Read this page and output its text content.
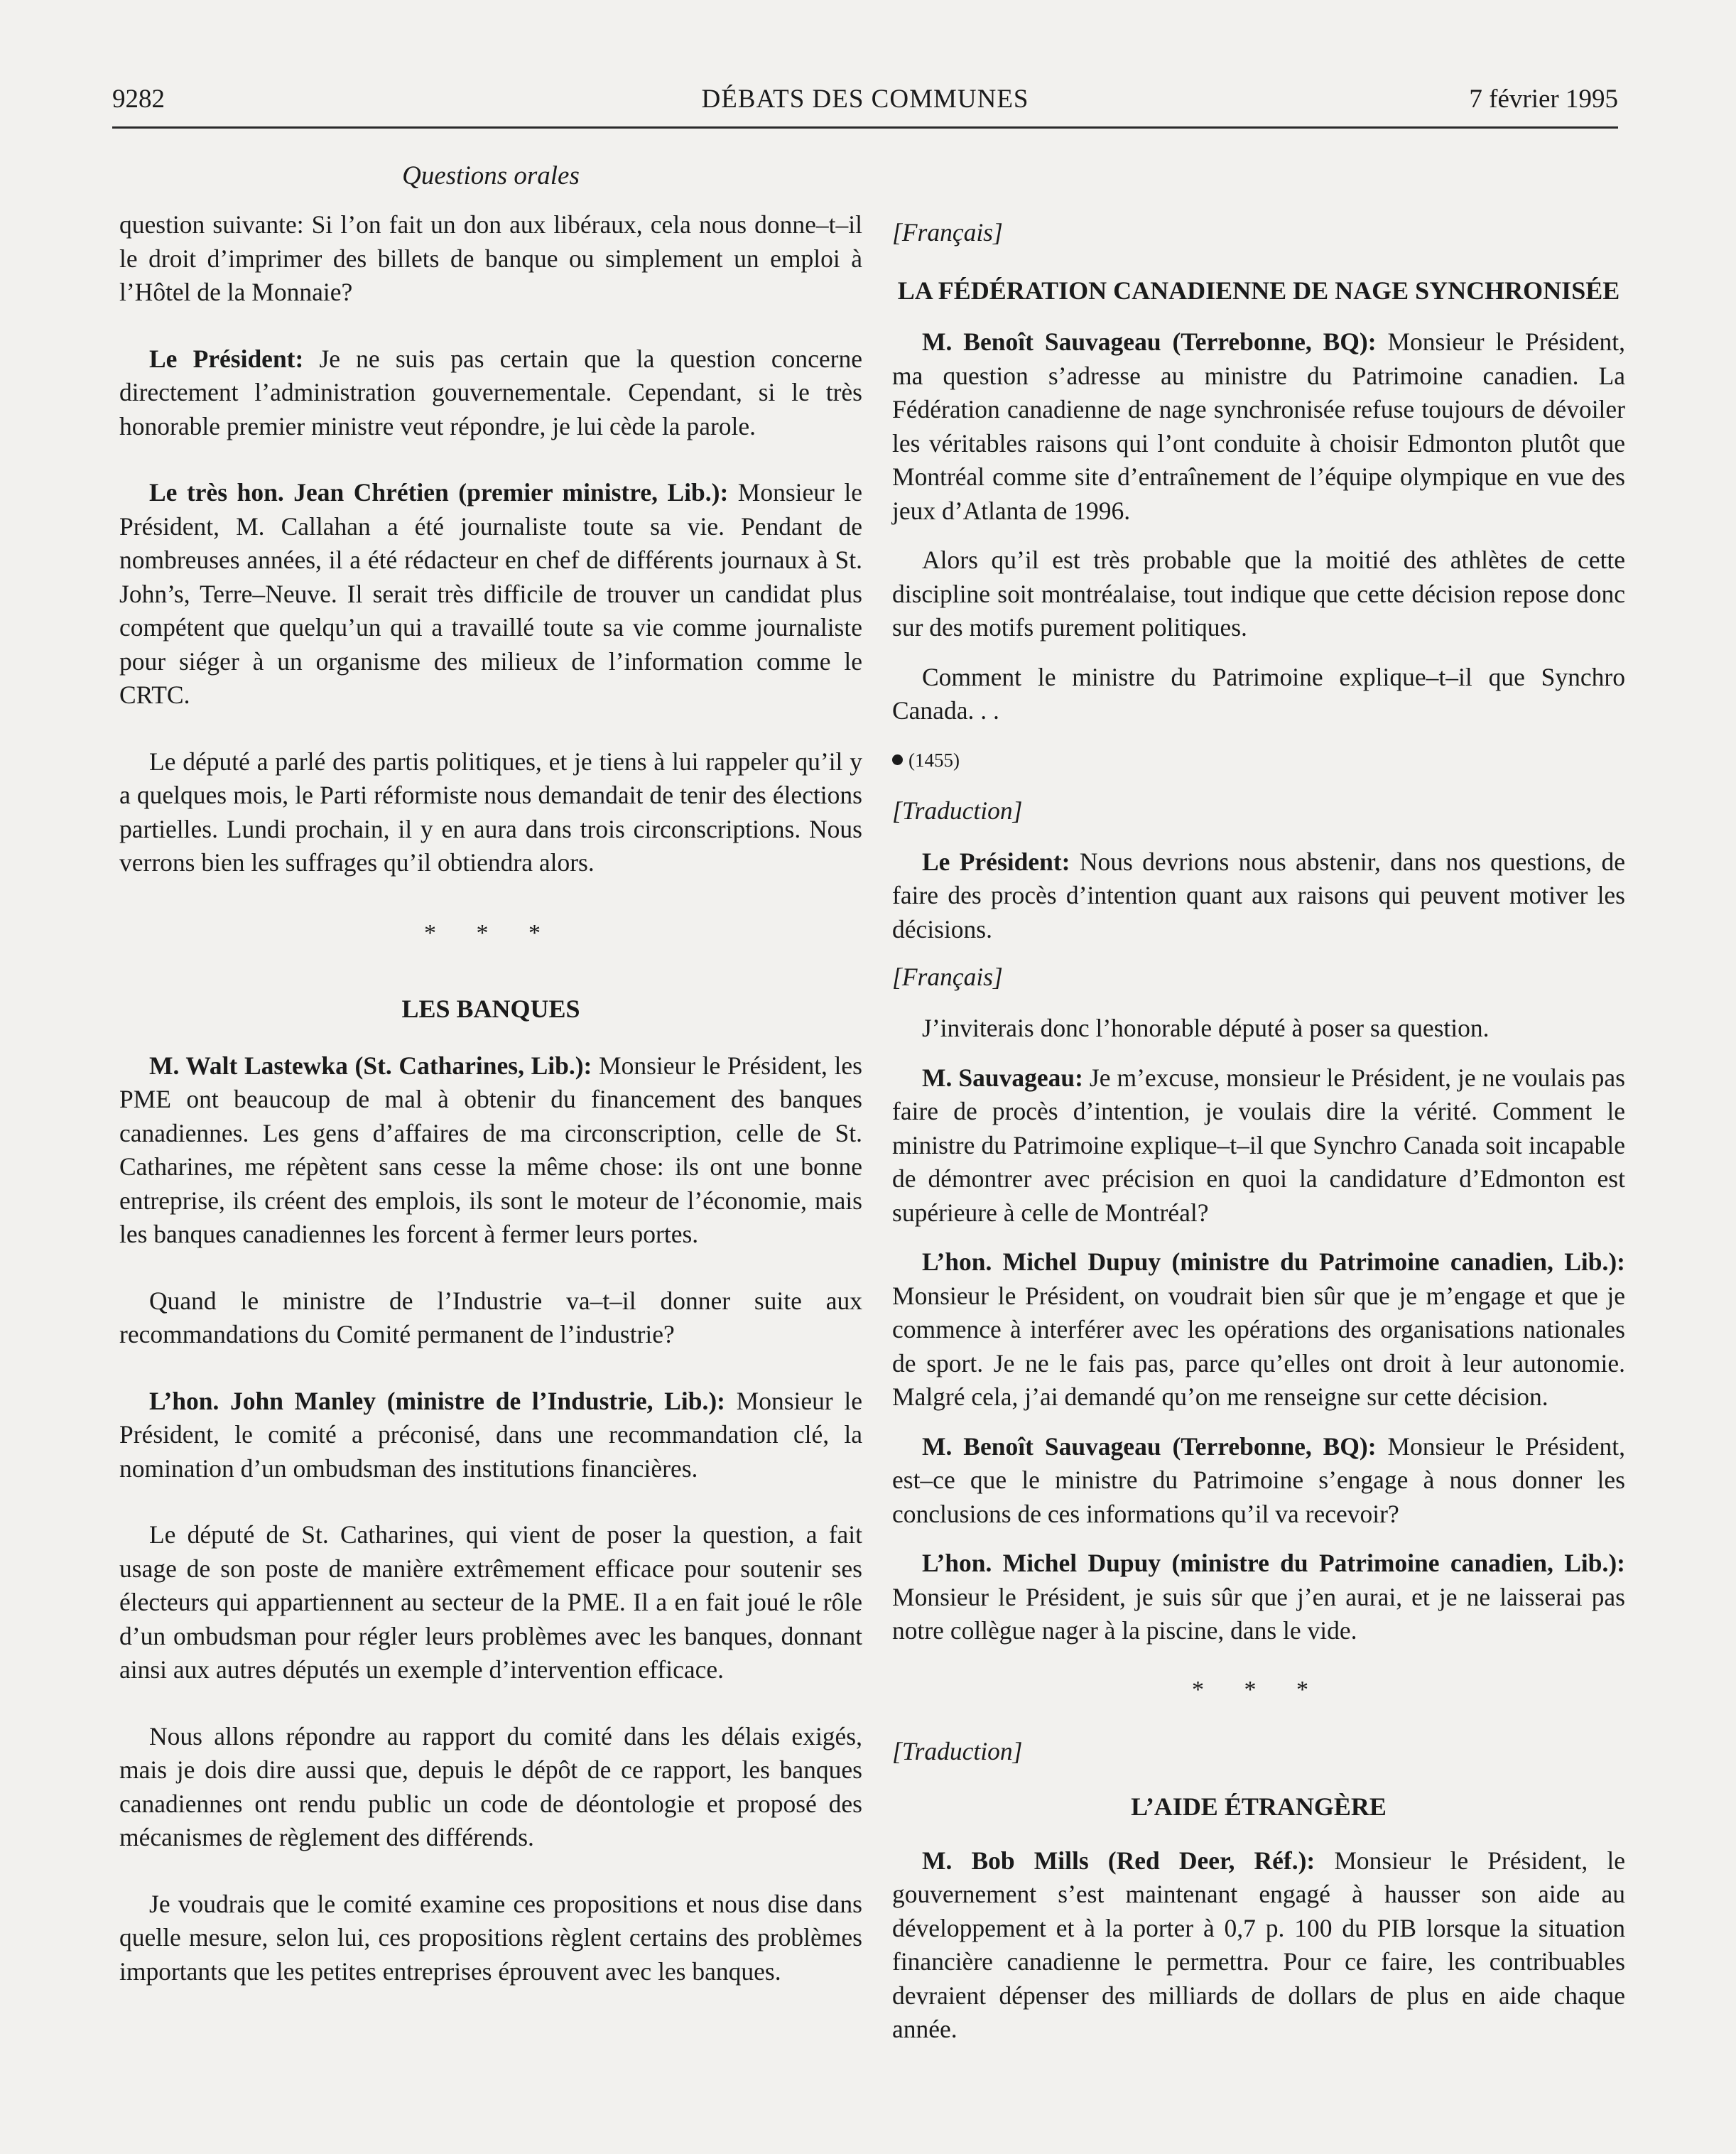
9282	DÉBATS DES COMMUNES	7 février 1995
Questions orales

question suivante: Si l’on fait un don aux libéraux, cela nous donne–t–il le droit d’imprimer des billets de banque ou simplement un emploi à l’Hôtel de la Monnaie?

Le Président: Je ne suis pas certain que la question concerne directement l’administration gouvernementale. Cependant, si le très honorable premier ministre veut répondre, je lui cède la parole.

Le très hon. Jean Chrétien (premier ministre, Lib.): Monsieur le Président, M. Callahan a été journaliste toute sa vie. Pendant de nombreuses années, il a été rédacteur en chef de différents journaux à St. John’s, Terre–Neuve. Il serait très difficile de trouver un candidat plus compétent que quelqu’un qui a travaillé toute sa vie comme journaliste pour siéger à un organisme des milieux de l’information comme le CRTC.

Le député a parlé des partis politiques, et je tiens à lui rappeler qu’il y a quelques mois, le Parti réformiste nous demandait de tenir des élections partielles. Lundi prochain, il y en aura dans trois circonscriptions. Nous verrons bien les suffrages qu’il obtiendra alors.

* * *
LES BANQUES

M. Walt Lastewka (St. Catharines, Lib.): Monsieur le Président, les PME ont beaucoup de mal à obtenir du financement des banques canadiennes. Les gens d’affaires de ma circonscription, celle de St. Catharines, me répètent sans cesse la même chose: ils ont une bonne entreprise, ils créent des emplois, ils sont le moteur de l’économie, mais les banques canadiennes les forcent à fermer leurs portes.

Quand le ministre de l’Industrie va–t–il donner suite aux recommandations du Comité permanent de l’industrie?

L’hon. John Manley (ministre de l’Industrie, Lib.): Monsieur le Président, le comité a préconisé, dans une recommandation clé, la nomination d’un ombudsman des institutions financières.

Le député de St. Catharines, qui vient de poser la question, a fait usage de son poste de manière extrêmement efficace pour soutenir ses électeurs qui appartiennent au secteur de la PME. Il a en fait joué le rôle d’un ombudsman pour régler leurs problèmes avec les banques, donnant ainsi aux autres députés un exemple d’intervention efficace.

Nous allons répondre au rapport du comité dans les délais exigés, mais je dois dire aussi que, depuis le dépôt de ce rapport, les banques canadiennes ont rendu public un code de déontologie et proposé des mécanismes de règlement des différends.

Je voudrais que le comité examine ces propositions et nous dise dans quelle mesure, selon lui, ces propositions règlent certains des problèmes importants que les petites entreprises éprouvent avec les banques.

[Français]
LA FÉDÉRATION CANADIENNE DE NAGE SYNCHRONISÉE

M. Benoît Sauvageau (Terrebonne, BQ): Monsieur le Président, ma question s’adresse au ministre du Patrimoine canadien. La Fédération canadienne de nage synchronisée refuse toujours de dévoiler les véritables raisons qui l’ont conduite à choisir Edmonton plutôt que Montréal comme site d’entraînement de l’équipe olympique en vue des jeux d’Atlanta de 1996.

Alors qu’il est très probable que la moitié des athlètes de cette discipline soit montréalaise, tout indique que cette décision repose donc sur des motifs purement politiques.

Comment le ministre du Patrimoine explique–t–il que Synchro Canada. . .

(1455)
[Traduction]

Le Président: Nous devrions nous abstenir, dans nos questions, de faire des procès d’intention quant aux raisons qui peuvent motiver les décisions.

[Français]

J’inviterais donc l’honorable député à poser sa question.

M. Sauvageau: Je m’excuse, monsieur le Président, je ne voulais pas faire de procès d’intention, je voulais dire la vérité. Comment le ministre du Patrimoine explique–t–il que Synchro Canada soit incapable de démontrer avec précision en quoi la candidature d’Edmonton est supérieure à celle de Montréal?

L’hon. Michel Dupuy (ministre du Patrimoine canadien, Lib.): Monsieur le Président, on voudrait bien sûr que je m’engage et que je commence à interférer avec les opérations des organisations nationales de sport. Je ne le fais pas, parce qu’elles ont droit à leur autonomie. Malgré cela, j’ai demandé qu’on me renseigne sur cette décision.

M. Benoît Sauvageau (Terrebonne, BQ): Monsieur le Président, est–ce que le ministre du Patrimoine s’engage à nous donner les conclusions de ces informations qu’il va recevoir?

L’hon. Michel Dupuy (ministre du Patrimoine canadien, Lib.): Monsieur le Président, je suis sûr que j’en aurai, et je ne laisserai pas notre collègue nager à la piscine, dans le vide.

* * *
[Traduction]
L’AIDE ÉTRANGÈRE

M. Bob Mills (Red Deer, Réf.): Monsieur le Président, le gouvernement s’est maintenant engagé à hausser son aide au développement et à la porter à 0,7 p. 100 du PIB lorsque la situation financière canadienne le permettra. Pour ce faire, les contribuables devraient dépenser des milliards de dollars de plus en aide chaque année.
